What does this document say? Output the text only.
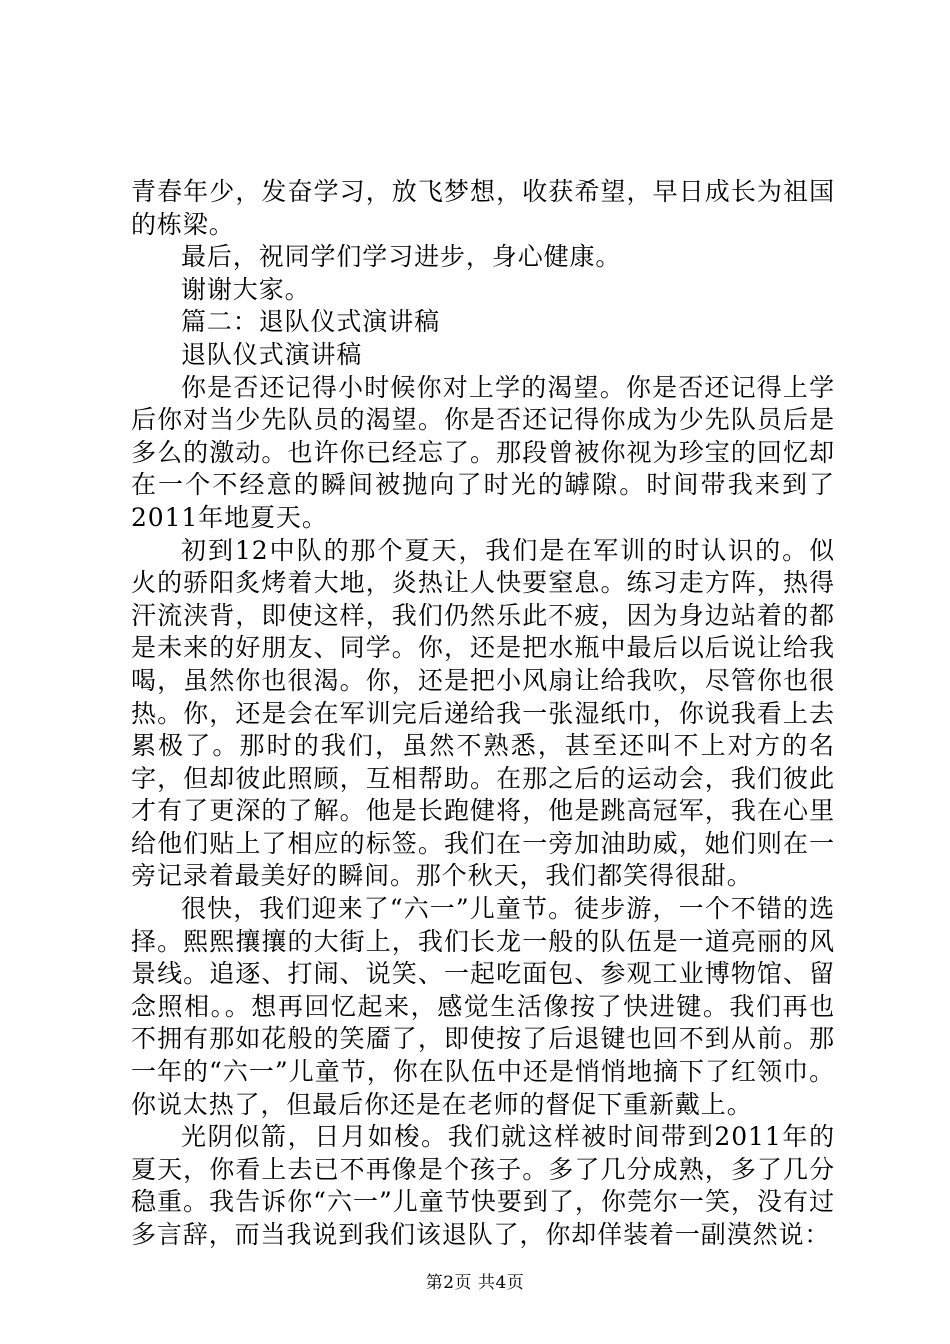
青春年少，发奋学习，放飞梦想，收获希望，早日成长为祖国的栋梁。

最后，祝同学们学习进步，身心健康。

谢谢大家。

篇二：退队仪式演讲稿

退队仪式演讲稿

你是否还记得小时候你对上学的渴望。你是否还记得上学后你对当少先队员的渴望。你是否还记得你成为少先队员后是多么的激动。也许你已经忘了。那段曾被你视为珍宝的回忆却在一个不经意的瞬间被抛向了时光的罅隙。时间带我来到了2011年地夏天。

初到12中队的那个夏天，我们是在军训的时认识的。似火的骄阳炙烤着大地，炎热让人快要窒息。练习走方阵，热得汗流浃背，即使这样，我们仍然乐此不疲，因为身边站着的都是未来的好朋友、同学。你，还是把水瓶中最后以后说让给我喝，虽然你也很渴。你，还是把小风扇让给我吹，尽管你也很热。你，还是会在军训完后递给我一张湿纸巾，你说我看上去累极了。那时的我们，虽然不熟悉，甚至还叫不上对方的名字，但却彼此照顾，互相帮助。在那之后的运动会，我们彼此才有了更深的了解。他是长跑健将，他是跳高冠军，我在心里给他们贴上了相应的标签。我们在一旁加油助威，她们则在一旁记录着最美好的瞬间。那个秋天，我们都笑得很甜。

很快，我们迎来了“六一”儿童节。徒步游，一个不错的选择。熙熙攘攘的大街上，我们长龙一般的队伍是一道亮丽的风景线。追逐、打闹、说笑、一起吃面包、参观工业博物馆、留念照相。。想再回忆起来，感觉生活像按了快进键。我们再也不拥有那如花般的笑靥了，即使按了后退键也回不到从前。那一年的“六一”儿童节，你在队伍中还是悄悄地摘下了红领巾。你说太热了，但最后你还是在老师的督促下重新戴上。

光阴似箭，日月如梭。我们就这样被时间带到2011年的夏天，你看上去已不再像是个孩子。多了几分成熟，多了几分稳重。我告诉你“六一”儿童节快要到了，你莞尔一笑，没有过多言辞，而当我说到我们该退队了，你却佯装着一副漠然说：

第2页 共4页
